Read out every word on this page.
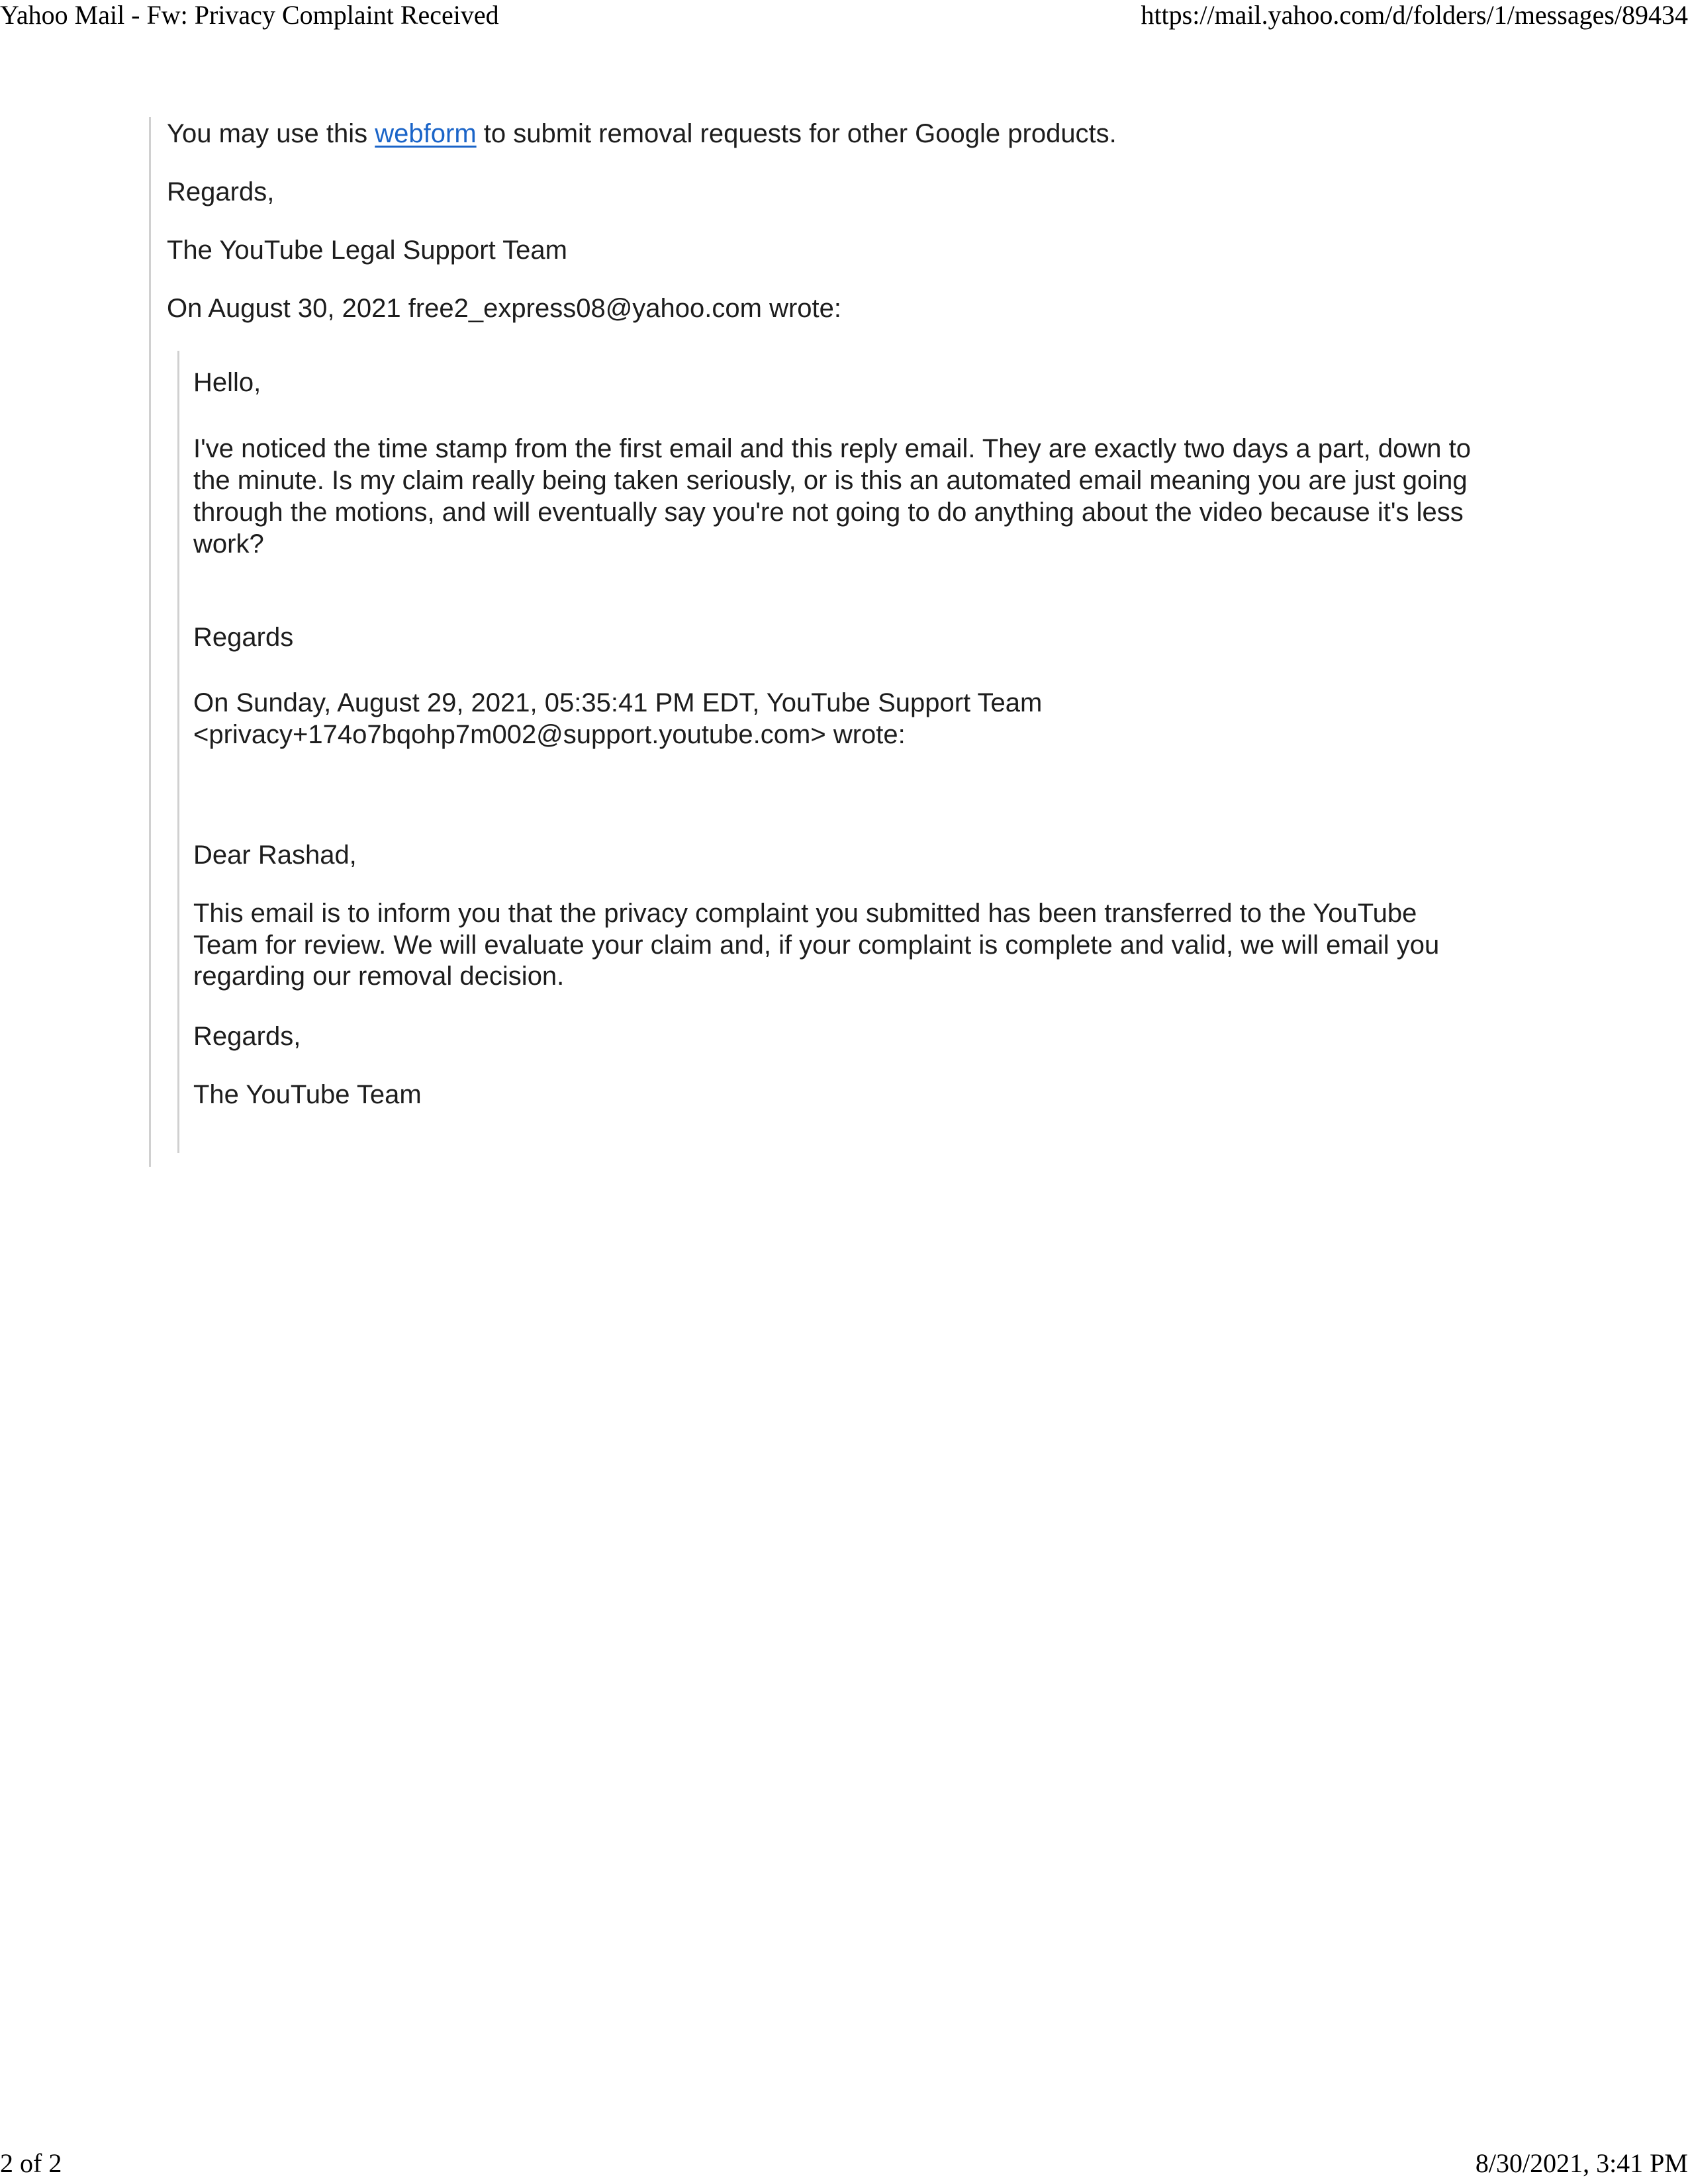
Yahoo Mail - Fw: Privacy Complaint Received	https://mail.yahoo.com/d/folders/1/messages/89434

You may use this webform to submit removal requests for other Google products.

Regards,

The YouTube Legal Support Team

On August 30, 2021 free2_express08@yahoo.com wrote:

Hello,

I've noticed the time stamp from the first email and this reply email. They are exactly two days a part, down to
the minute. Is my claim really being taken seriously, or is this an automated email meaning you are just going
through the motions, and will eventually say you're not going to do anything about the video because it's less
work?

Regards

On Sunday, August 29, 2021, 05:35:41 PM EDT, YouTube Support Team
<privacy+174o7bqohp7m002@support.youtube.com> wrote:

Dear Rashad,

This email is to inform you that the privacy complaint you submitted has been transferred to the YouTube
Team for review. We will evaluate your claim and, if your complaint is complete and valid, we will email you
regarding our removal decision.

Regards,

The YouTube Team

2 of 2	8/30/2021, 3:41 PM
